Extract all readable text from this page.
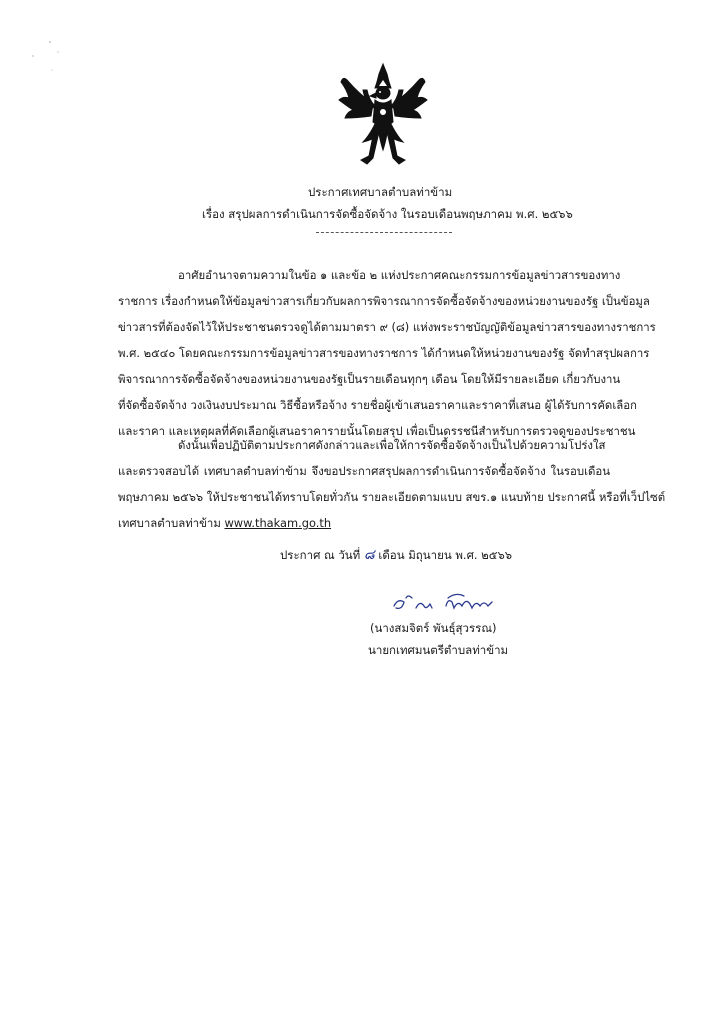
ประกาศเทศบาลตำบลท่าข้าม
เรื่อง สรุปผลการดำเนินการจัดซื้อจัดจ้าง ในรอบเดือนพฤษภาคม พ.ศ. ๒๕๖๖
อาศัยอำนาจตามความในข้อ ๑ และข้อ ๒ แห่งประกาศคณะกรรมการข้อมูลข่าวสารของทาง
ราชการ เรื่องกำหนดให้ข้อมูลข่าวสารเกี่ยวกับผลการพิจารณาการจัดซื้อจัดจ้างของหน่วยงานของรัฐ เป็นข้อมูล
ข่าวสารที่ต้องจัดไว้ให้ประชาชนตรวจดูได้ตามมาตรา ๙ (๘) แห่งพระราชบัญญัติข้อมูลข่าวสารของทางราชการ
พ.ศ. ๒๕๔๐ โดยคณะกรรมการข้อมูลข่าวสารของทางราชการ ได้กำหนดให้หน่วยงานของรัฐ จัดทำสรุปผลการ
พิจารณาการจัดซื้อจัดจ้างของหน่วยงานของรัฐเป็นรายเดือนทุกๆ เดือน โดยให้มีรายละเอียด เกี่ยวกับงาน
ที่จัดซื้อจัดจ้าง วงเงินงบประมาณ วิธีซื้อหรือจ้าง รายชื่อผู้เข้าเสนอราคาและราคาที่เสนอ ผู้ได้รับการคัดเลือก
และราคา และเหตุผลที่คัดเลือกผู้เสนอราคารายนั้นโดยสรุป เพื่อเป็นดรรชนีสำหรับการตรวจดูของประชาชน
ดังนั้นเพื่อปฏิบัติตามประกาศดังกล่าวและเพื่อให้การจัดซื้อจัดจ้างเป็นไปด้วยความโปร่งใส
และตรวจสอบได้ เทศบาลตำบลท่าข้าม จึงขอประกาศสรุปผลการดำเนินการจัดซื้อจัดจ้าง ในรอบเดือน
พฤษภาคม ๒๕๖๖ ให้ประชาชนได้ทราบโดยทั่วกัน รายละเอียดตามแบบ สขร.๑ แนบท้าย ประกาศนี้ หรือที่เว็ปไซต์
เทศบาลตำบลท่าข้าม www.thakam.go.th
ประกาศ ณ วันที่ ๘ เดือน มิถุนายน พ.ศ. ๒๕๖๖
(นางสมจิตร์ พันธุ์สุวรรณ)
นายกเทศมนตรีตำบลท่าข้าม
